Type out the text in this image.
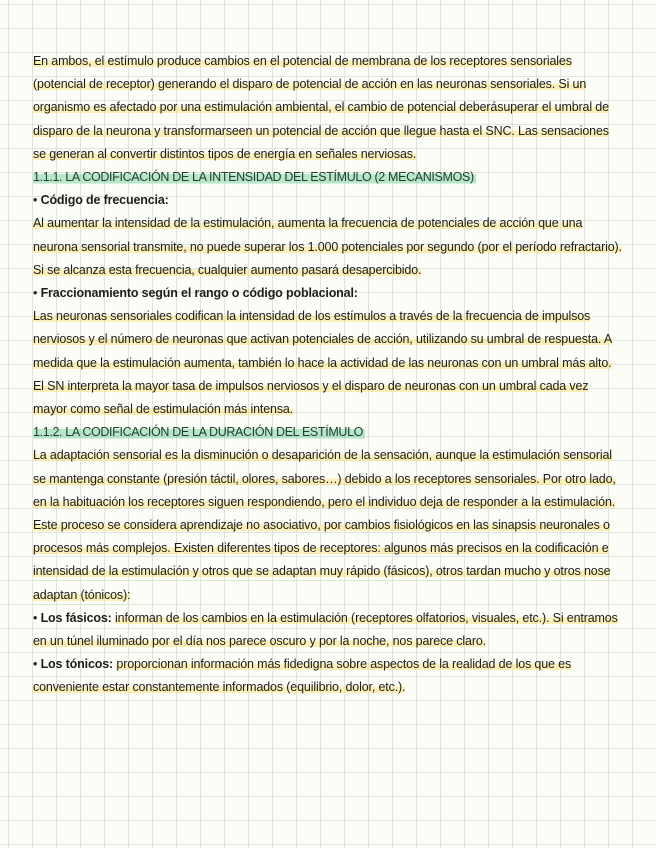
En ambos, el estímulo produce cambios en el potencial de membrana de los receptores sensoriales (potencial de receptor) generando el disparo de potencial de acción en las neuronas sensoriales. Si un organismo es afectado por una estimulación ambiental, el cambio de potencial deberásuperar el umbral de disparo de la neurona y transformarseen un potencial de acción que llegue hasta el SNC. Las sensaciones se generan al convertir distintos tipos de energía en señales nerviosas.

1.1.1. LA CODIFICACIÓN DE LA INTENSIDAD DEL ESTÍMULO (2 MECANISMOS)

• Código de frecuencia:

Al aumentar la intensidad de la estimulación, aumenta la frecuencia de potenciales de acción que una neurona sensorial transmite, no puede superar los 1.000 potenciales por segundo (por el período refractario). Si se alcanza esta frecuencia, cualquier aumento pasará desapercibido.

• Fraccionamiento según el rango o código poblacional:

Las neuronas sensoriales codifican la intensidad de los estímulos a través de la frecuencia de impulsos nerviosos y el número de neuronas que activan potenciales de acción, utilizando su umbral de respuesta. A medida que la estimulación aumenta, también lo hace la actividad de las neuronas con un umbral más alto. El SN interpreta la mayor tasa de impulsos nerviosos y el disparo de neuronas con un umbral cada vez mayor como señal de estimulación más intensa.

1.1.2. LA CODIFICACIÓN DE LA DURACIÓN DEL ESTÍMULO

La adaptación sensorial es la disminución o desaparición de la sensación, aunque la estimulación sensorial se mantenga constante (presión táctil, olores, sabores…) debido a los receptores sensoriales. Por otro lado, en la habituación los receptores siguen respondiendo, pero el individuo deja de responder a la estimulación. Este proceso se considera aprendizaje no asociativo, por cambios fisiológicos en las sinapsis neuronales o procesos más complejos. Existen diferentes tipos de receptores: algunos más precisos en la codificación e intensidad de la estimulación y otros que se adaptan muy rápido (fásicos), otros tardan mucho y otros nose adaptan (tónicos):

• Los fásicos: informan de los cambios en la estimulación (receptores olfatorios, visuales, etc.). Si entramos en un túnel iluminado por el día nos parece oscuro y por la noche, nos parece claro.

• Los tónicos: proporcionan información más fidedigna sobre aspectos de la realidad de los que es conveniente estar constantemente informados (equilibrio, dolor, etc.).
